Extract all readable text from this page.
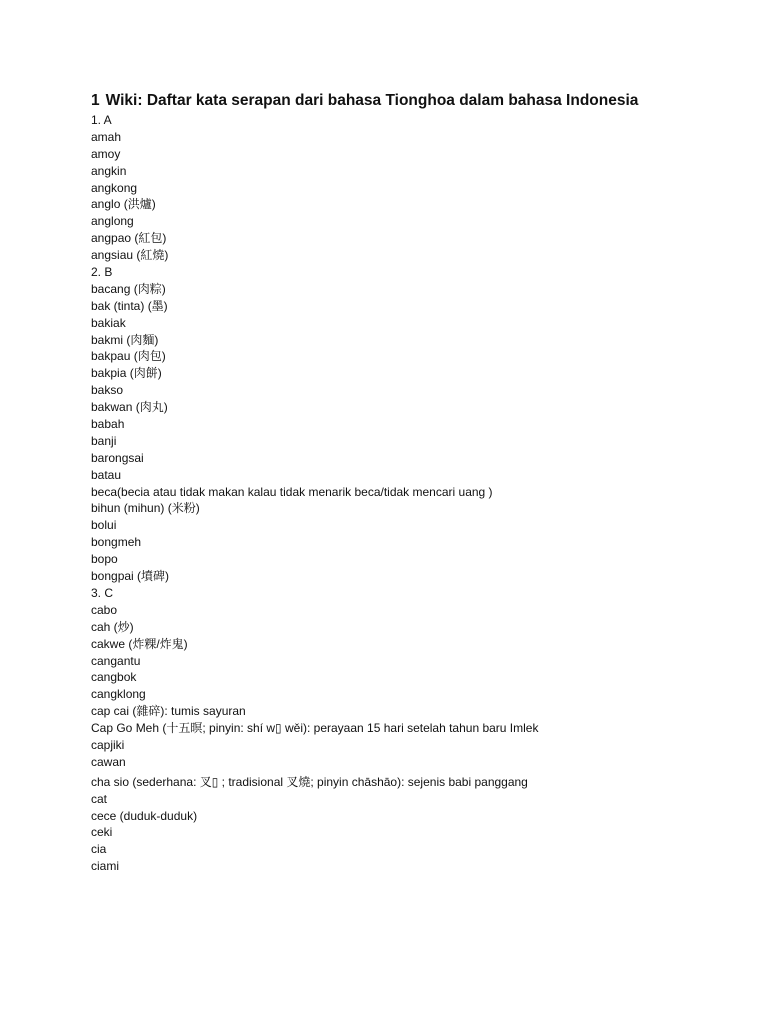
1 Wiki: Daftar kata serapan dari bahasa Tionghoa dalam bahasa Indonesia
1. A
amah
amoy
angkin
angkong
anglo (洪爐)
anglong
angpao (紅包)
angsiau (紅燒)
2. B
bacang (肉粽)
bak (tinta) (墨)
bakiak
bakmi (肉麵)
bakpau (肉包)
bakpia (肉餅)
bakso
bakwan (肉丸)
babah
banji
barongsai
batau
beca(becia atau tidak makan kalau tidak menarik beca/tidak mencari uang )
bihun (mihun) (米粉)
bolui
bongmeh
bopo
bongpai (墳碑)
3. C
cabo
cah (炒)
cakwe (炸粿/炸鬼)
cangantu
cangbok
cangklong
cap cai (雜碎): tumis sayuran
Cap Go Meh (十五暝; pinyin: shí w▯ wěi): perayaan 15 hari setelah tahun baru Imlek
capjiki
cawan
cha sio (sederhana: 叉▯ ; tradisional 叉燒; pinyin chāshāo): sejenis babi panggang
cat
cece (duduk-duduk)
ceki
cia
ciami
